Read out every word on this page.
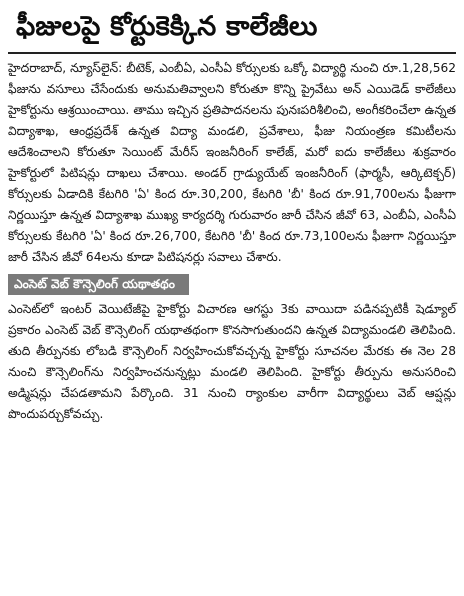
ఫీజులపై కోర్టుకెక్కిన కాలేజీలు

హైదరాబాద్, న్యూస్‌లైన్: బీటెక్, ఎంబీఏ, ఎంసీఏ కోర్సులకు ఒక్కో విద్యార్థి నుంచి రూ.1,28,562 ఫీజును వసూలు చేసేందుకు అనుమతివ్వాలని కోరుతూ కొన్ని ప్రైవేటు అన్ ఎయిడెడ్ కాలేజీలు హైకోర్టును ఆశ్రయించాయి. తాము ఇచ్చిన ప్రతిపాదనలను పునఃపరిశీలించి, అంగీకరించేలా ఉన్నత విద్యాశాఖ, ఆంధ్రప్రదేశ్ ఉన్నత విద్యా మండలి, ప్రవేశాలు, ఫీజు నియంత్రణ కమిటీలను ఆదేశించాలని కోరుతూ సెయింట్ మేరీస్ ఇంజనీరింగ్ కాలేజ్, మరో ఐదు కాలేజీలు శుక్రవారం హైకోర్టులో పిటిషన్లు దాఖలు చేశాయి. అండర్ గ్రాడ్యుయేట్ ఇంజనీరింగ్ (ఫార్మసీ, ఆర్కిటెక్చర్) కోర్సులకు ఏడాదికి కేటగిరి 'ఏ' కింద రూ.30,200, కేటగిరి 'బీ' కింద రూ.91,700లను ఫీజుగా నిర్ణయిస్తూ ఉన్నత విద్యాశాఖ ముఖ్య కార్యదర్శి గురువారం జారీ చేసిన జీవో 63, ఎంబీఏ, ఎంసీఏ కోర్సులకు కేటగిరి 'ఏ' కింద రూ.26,700, కేటగిరి 'బీ' కింద రూ.73,100లను ఫీజుగా నిర్ణయిస్తూ జారీ చేసిన జీవో 64లను కూడా పిటిషనర్లు సవాలు చేశారు.

ఎంసెట్ వెబ్ కౌన్సెలింగ్ యథాతథం

ఎంసెట్‌లో ఇంటర్ వెయిటేజీపై హైకోర్టు విచారణ ఆగస్టు 3కు వాయిదా పడినప్పటికీ షెడ్యూల్ ప్రకారం ఎంసెట్ వెబ్ కౌన్సెలింగ్ యథాతథంగా కొనసాగుతుందని ఉన్నత విద్యామండలి తెలిపింది. తుది తీర్పునకు లోబడి కౌన్సెలింగ్ నిర్వహించుకోవచ్చన్న హైకోర్టు సూచనల మేరకు ఈ నెల 28 నుంచి కౌన్సెలింగ్‌ను నిర్వహించనున్నట్లు మండలి తెలిపింది. హైకోర్టు తీర్పును అనుసరించి అడ్మిషన్లు చేపడతామని పేర్కొంది. 31 నుంచి ర్యాంకుల వారీగా విద్యార్థులు వెబ్ ఆప్షన్లు పొందుపర్చుకోవచ్చు.
